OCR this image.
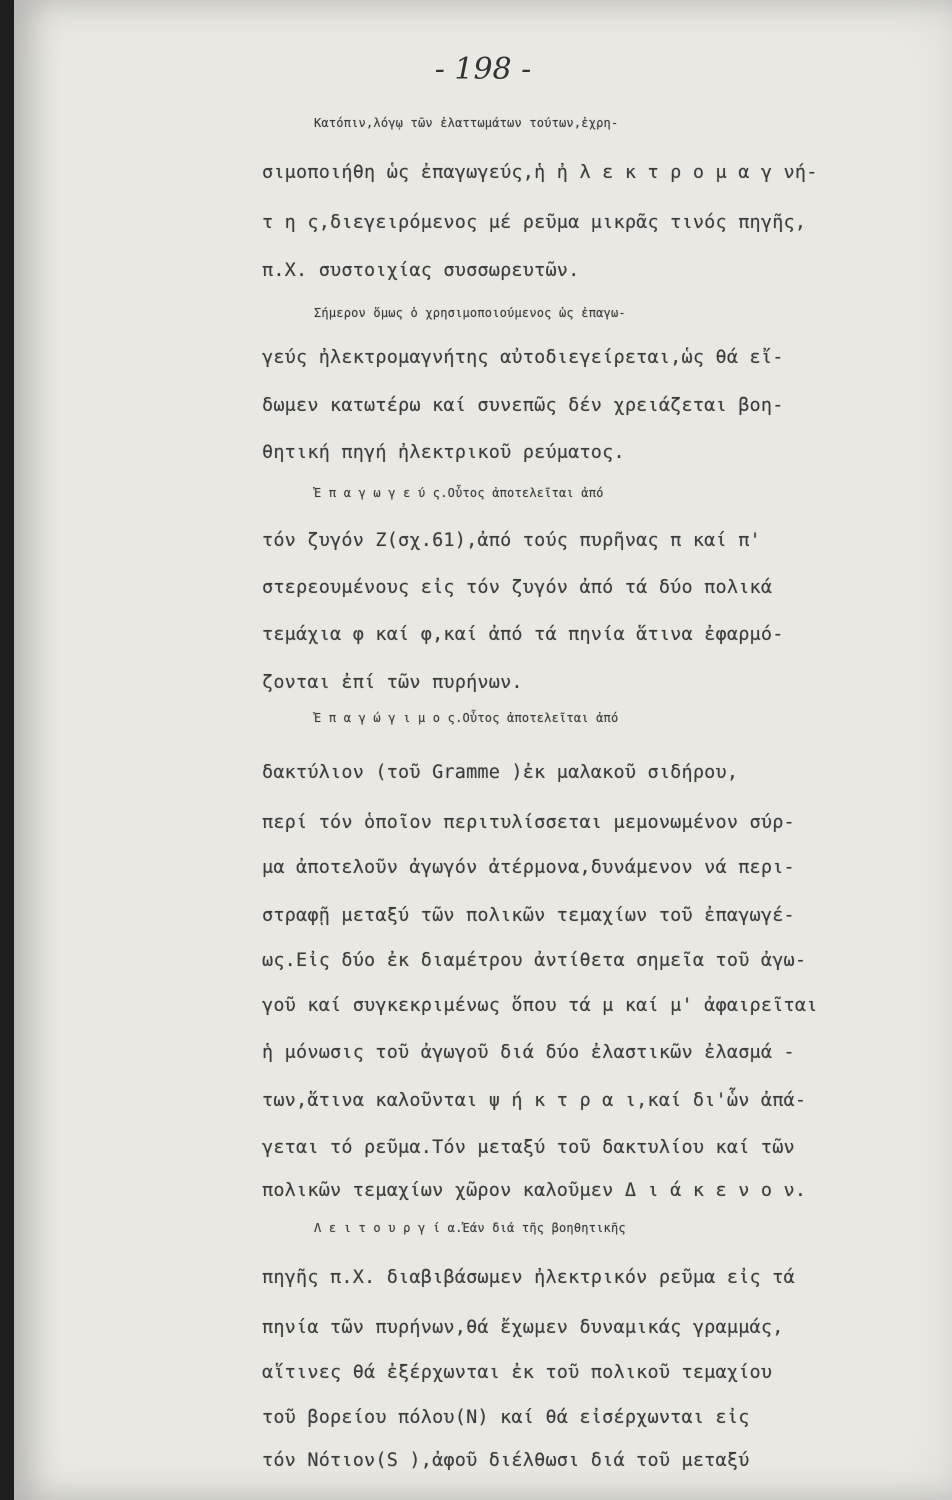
- 198 -
Κατόπιν,λόγῳ τῶν ἐλαττωμάτων τούτων,ἐχρη-
σιμοποιήθη ὡς ἐπαγωγεύς,ἡ ἠ λ ε κ τ ρ ο μ α γ νή-
τ η ς,διεγειρόμενος μέ ρεῦμα μικρᾶς τινός πηγῆς,
π.Χ. συστοιχίας συσσωρευτῶν.
Σήμερον ὅμως ὁ χρησιμοποιούμενος ὡς ἐπαγω-
γεύς ἠλεκτρομαγνήτης αὐτοδιεγείρεται,ὡς θά εἴ-
δωμεν κατωτέρω καί συνεπῶς δέν χρειάζεται βοη-
θητική πηγή ἠλεκτρικοῦ ρεύματος.
Ἐ π α γ ω γ ε ύ ς.Οὗτος ἀποτελεῖται ἀπό
τόν ζυγόν Ζ(σχ.61),ἀπό τούς πυρῆνας π καί π'
στερεουμένους εἰς τόν ζυγόν ἀπό τά δύο πολικά
τεμάχια φ καί φ,καί ἀπό τά πηνία ἅτινα ἐφαρμό-
ζονται ἐπί τῶν πυρήνων.
Ἐ π α γ ώ γ ι μ ο ς.Οὗτος ἀποτελεῖται ἀπό
δακτύλιον (τοῦ Gramme )ἐκ μαλακοῦ σιδήρου,
περί τόν ὁποῖον περιτυλίσσεται μεμονωμένον σύρ-
μα ἀποτελοῦν ἀγωγόν ἀτέρμονα,δυνάμενον νά περι-
στραφῇ μεταξύ τῶν πολικῶν τεμαχίων τοῦ ἐπαγωγέ-
ως.Εἰς δύο ἐκ διαμέτρου ἀντίθετα σημεῖα τοῦ ἀγω-
γοῦ καί συγκεκριμένως ὅπου τά μ καί μ' ἀφαιρεῖται
ἡ μόνωσις τοῦ ἀγωγοῦ διά δύο ἐλαστικῶν ἐλασμά -
των,ἅτινα καλοῦνται ψ ή κ τ ρ α ι,καί δι'ὧν ἀπά-
γεται τό ρεῦμα.Τόν μεταξύ τοῦ δακτυλίου καί τῶν
πολικῶν τεμαχίων χῶρον καλοῦμεν Δ ι ά κ ε ν ο ν.
Λ ε ι τ ο υ ρ γ ί α.Ἐάν διά τῆς βοηθητικῆς
πηγῆς π.Χ. διαβιβάσωμεν ἠλεκτρικόν ρεῦμα εἰς τά
πηνία τῶν πυρήνων,θά ἔχωμεν δυναμικάς γραμμάς,
αἵτινες θά ἐξέρχωνται ἐκ τοῦ πολικοῦ τεμαχίου
τοῦ βορείου πόλου(Ν) καί θά εἰσέρχωνται εἰς
τόν Νότιον(S ),ἀφοῦ διέλθωσι διά τοῦ μεταξύ
